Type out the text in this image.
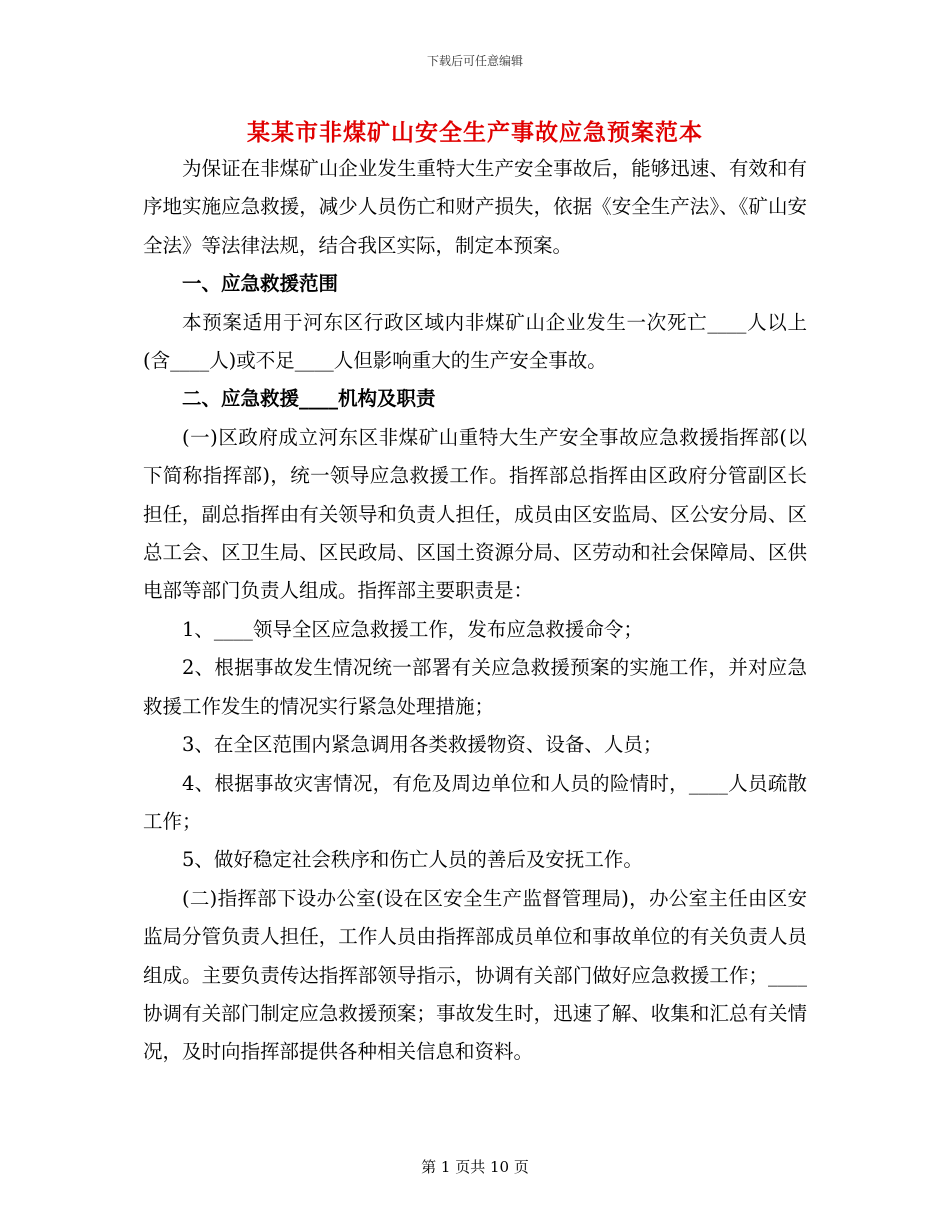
下载后可任意编辑
某某市非煤矿山安全生产事故应急预案范本

为保证在非煤矿山企业发生重特大生产安全事故后，能够迅速、有效和有序地实施应急救援，减少人员伤亡和财产损失，依据《安全生产法》、《矿山安全法》等法律法规，结合我区实际，制定本预案。

一、应急救援范围

本预案适用于河东区行政区域内非煤矿山企业发生一次死亡____人以上(含____人)或不足____人但影响重大的生产安全事故。

二、应急救援____机构及职责

(一)区政府成立河东区非煤矿山重特大生产安全事故应急救援指挥部(以下简称指挥部)，统一领导应急救援工作。指挥部总指挥由区政府分管副区长担任，副总指挥由有关领导和负责人担任，成员由区安监局、区公安分局、区总工会、区卫生局、区民政局、区国土资源分局、区劳动和社会保障局、区供电部等部门负责人组成。指挥部主要职责是：

1、____领导全区应急救援工作，发布应急救援命令；

2、根据事故发生情况统一部署有关应急救援预案的实施工作，并对应急救援工作发生的情况实行紧急处理措施；

3、在全区范围内紧急调用各类救援物资、设备、人员；

4、根据事故灾害情况，有危及周边单位和人员的险情时，____人员疏散工作；

5、做好稳定社会秩序和伤亡人员的善后及安抚工作。

(二)指挥部下设办公室(设在区安全生产监督管理局)，办公室主任由区安监局分管负责人担任，工作人员由指挥部成员单位和事故单位的有关负责人员组成。主要负责传达指挥部领导指示，协调有关部门做好应急救援工作；____协调有关部门制定应急救援预案；事故发生时，迅速了解、收集和汇总有关情况，及时向指挥部提供各种相关信息和资料。

第 1 页共 10 页
